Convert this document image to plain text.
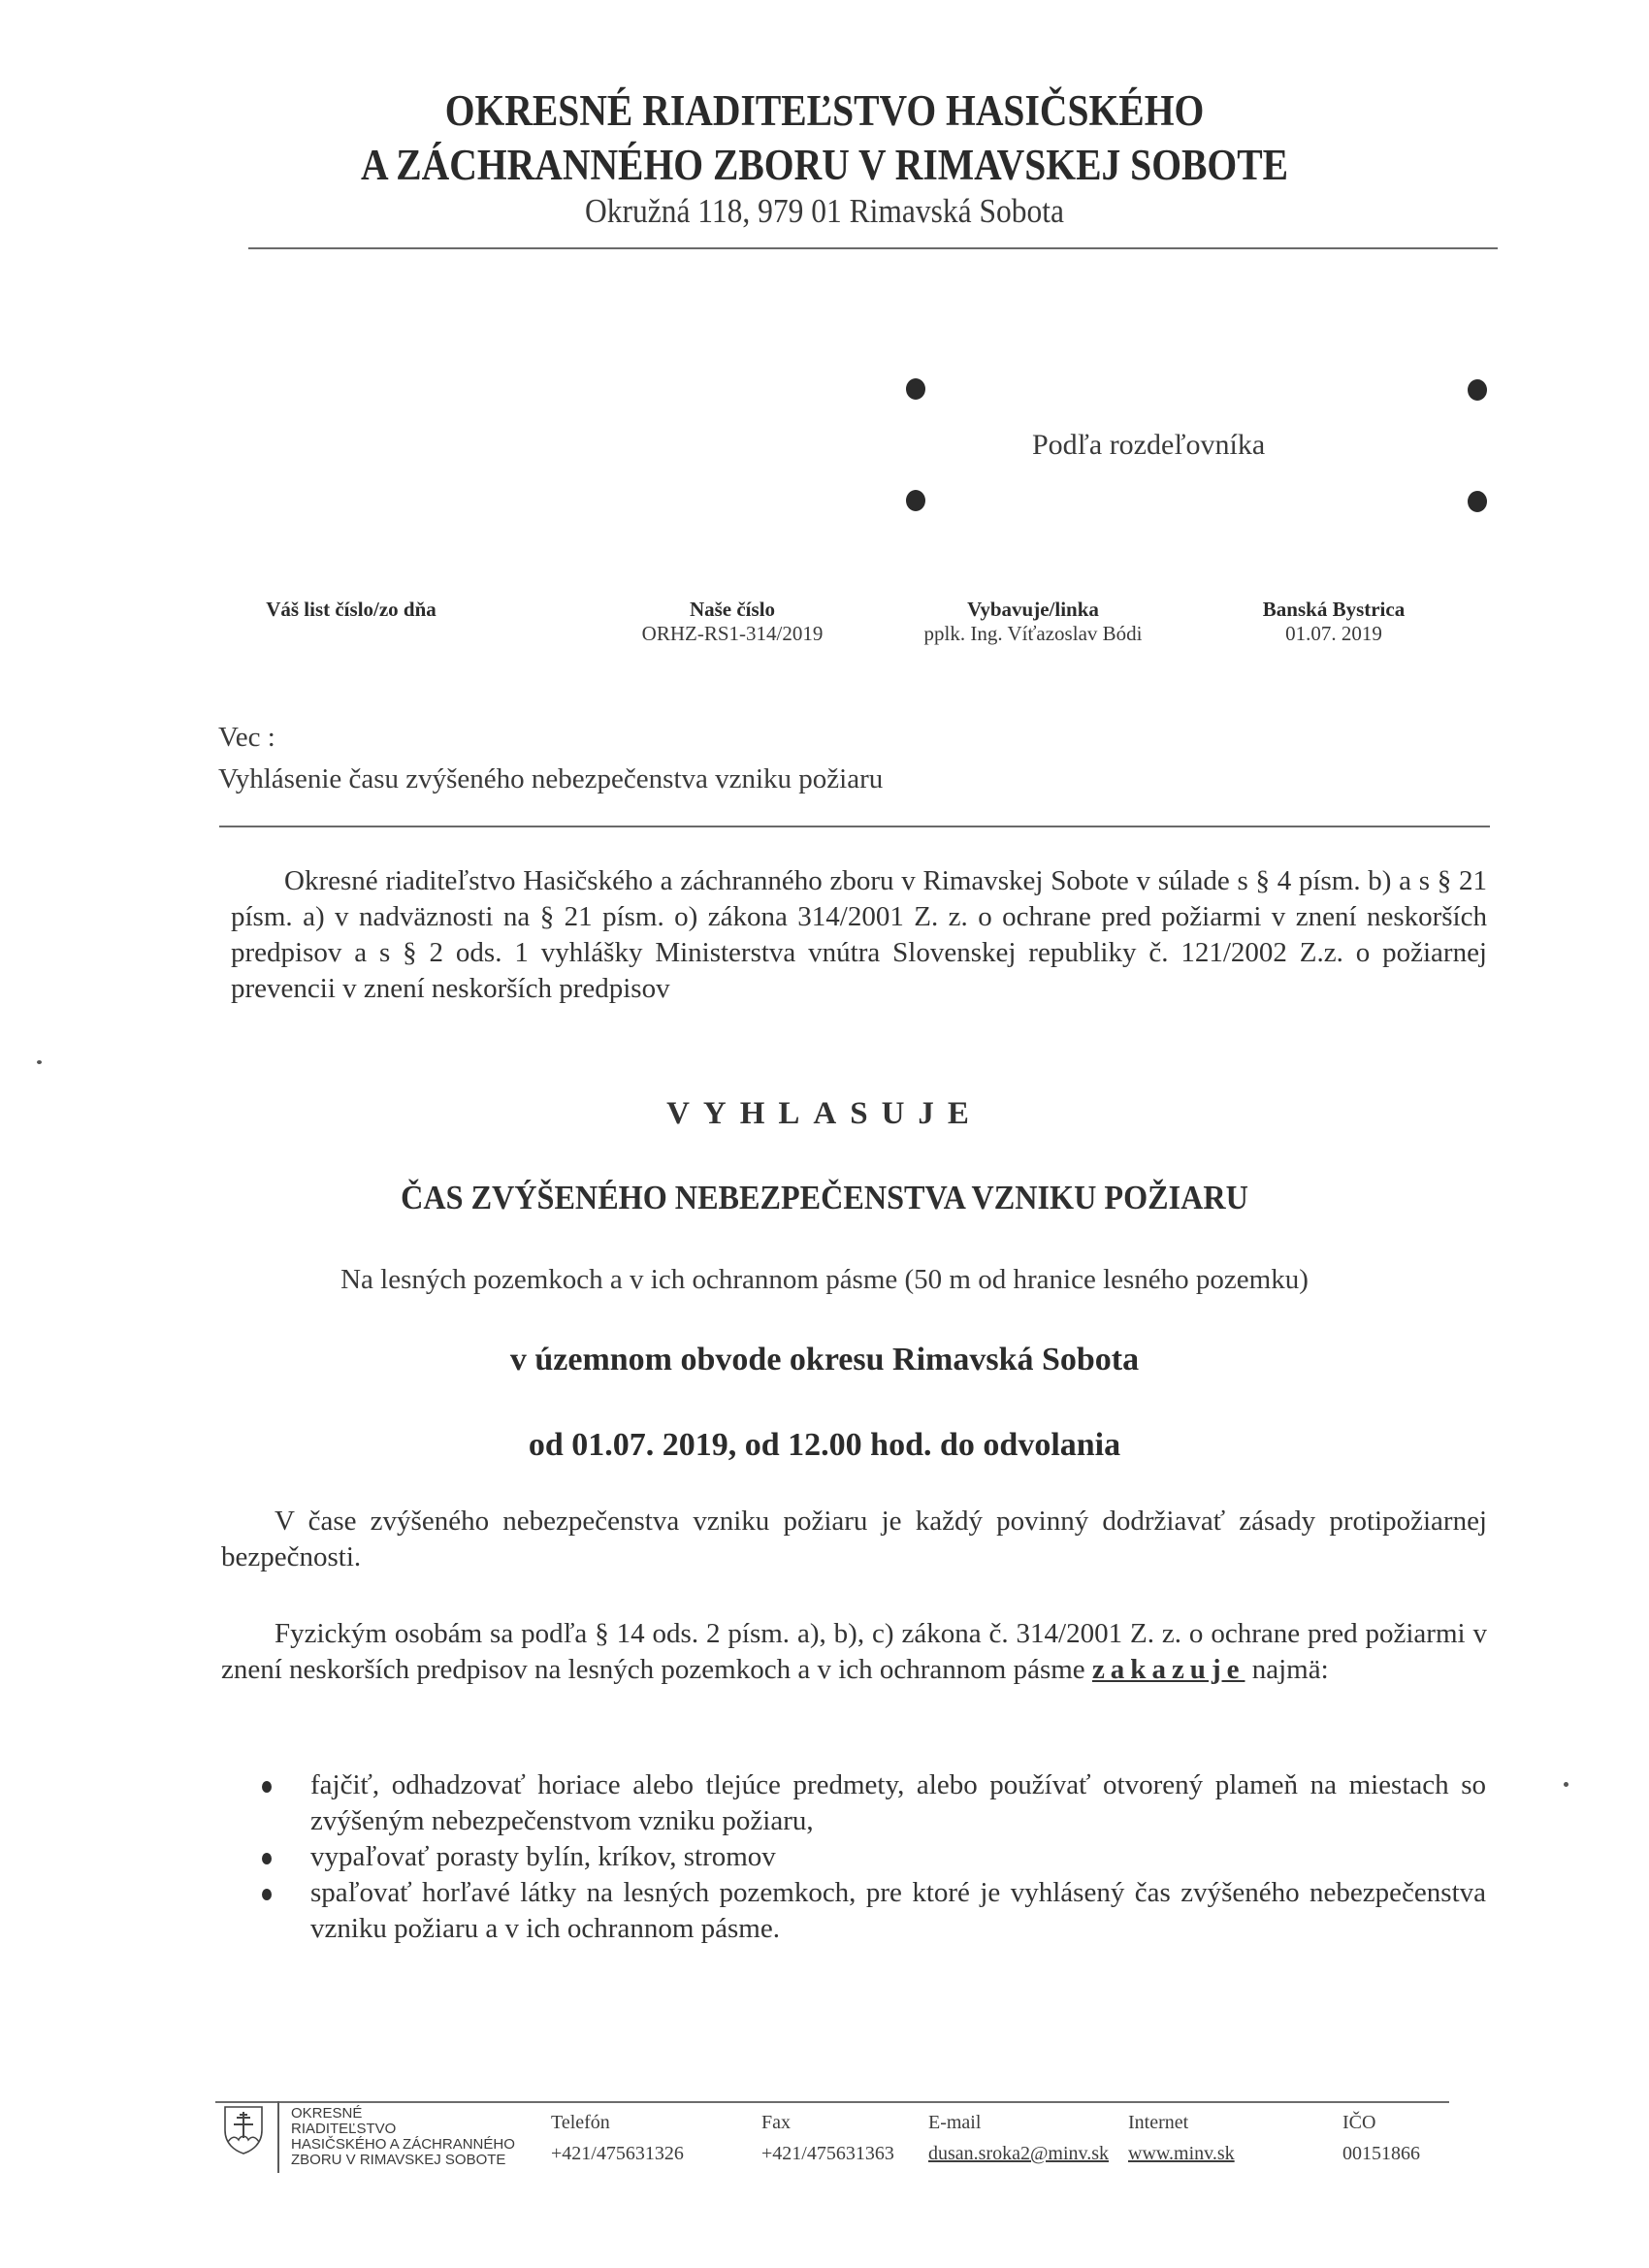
OKRESNÉ RIADITEĽSTVO HASIČSKÉHO
A ZÁCHRANNÉHO ZBORU V RIMAVSKEJ SOBOTE
Okružná 118, 979 01 Rimavská Sobota
Podľa rozdeľovníka
Váš list číslo/zo dňa	Naše číslo
ORHZ-RS1-314/2019
Vybavuje/linka
pplk. Ing. Víťazoslav Bódi
Banská Bystrica
01.07. 2019
Vec :
Vyhlásenie času zvýšeného nebezpečenstva vzniku požiaru
Okresné riaditeľstvo Hasičského a záchranného zboru v Rimavskej Sobote v súlade s § 4 písm. b) a s § 21 písm. a) v nadväznosti na § 21 písm. o) zákona 314/2001 Z. z. o ochrane pred požiarmi v znení neskorších predpisov a s § 2 ods. 1 vyhlášky Ministerstva vnútra Slovenskej republiky č. 121/2002 Z.z. o požiarnej prevencii v znení neskorších predpisov
VYHLASUJE
ČAS ZVÝŠENÉHO NEBEZPEČENSTVA VZNIKU POŽIARU
Na lesných pozemkoch a v ich ochrannom pásme (50 m od hranice lesného pozemku)
v územnom obvode okresu Rimavská Sobota
od 01.07. 2019, od 12.00 hod. do odvolania
V čase zvýšeného nebezpečenstva vzniku požiaru je každý povinný dodržiavať zásady protipožiarnej bezpečnosti.
Fyzickým osobám sa podľa § 14 ods. 2 písm. a), b), c) zákona č. 314/2001 Z. z. o ochrane pred požiarmi v znení neskorších predpisov na lesných pozemkoch a v ich ochrannom pásme zakazuje najmä:

fajčiť, odhadzovať horiace alebo tlejúce predmety, alebo používať otvorený plameň na miestach so zvýšeným nebezpečenstvom vzniku požiaru,

vypaľovať porasty bylín, kríkov, stromov

spaľovať horľavé látky na lesných pozemkoch, pre ktoré je vyhlásený čas zvýšeného nebezpečenstva vzniku požiaru a v ich ochrannom pásme.

OKRESNÉ
RIADITEĽSTVO
HASIČSKÉHO A ZÁCHRANNÉHO
ZBORU V RIMAVSKEJ SOBOTE
Telefón
+421/475631326
Fax
+421/475631363
E-mail
dusan.sroka2@minv.sk
Internet
www.minv.sk
IČO
00151866
